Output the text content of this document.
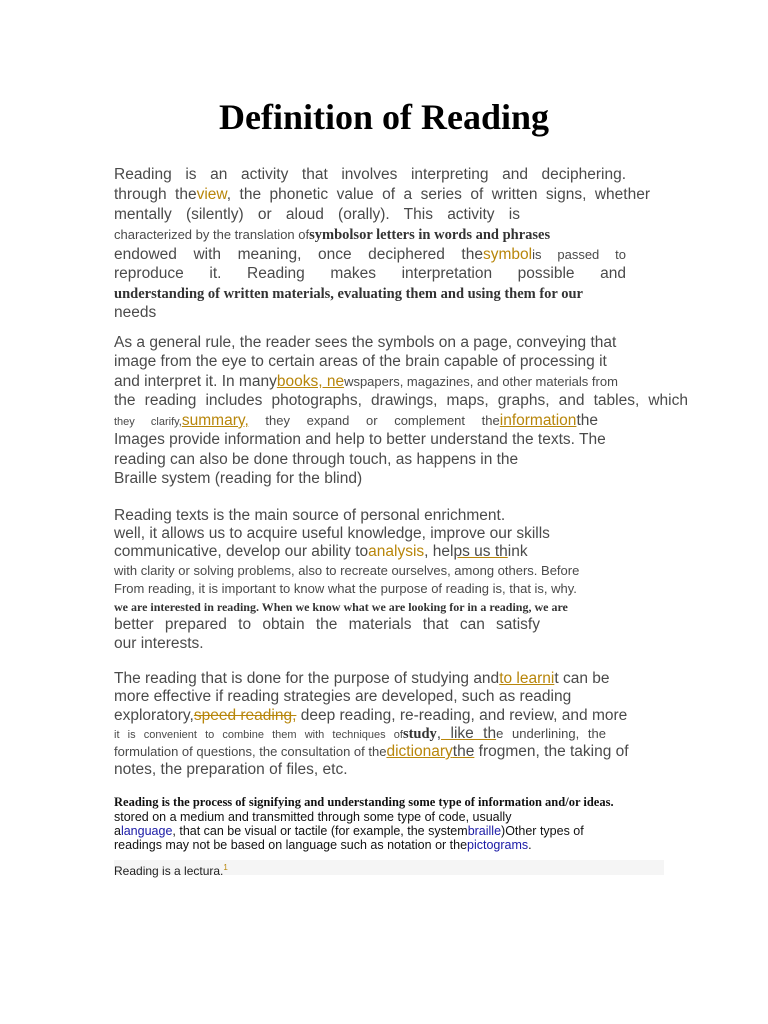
Definition of Reading
Reading is an activity that involves interpreting and deciphering.
through theview, the phonetic value of a series of written signs, whether
mentally (silently) or aloud (orally). This activity is
characterized by the translation ofsymbolsor letters in words and phrases
endowed with meaning, once deciphered thesymbolis passed to
reproduce it. Reading makes interpretation possible and
understanding of written materials, evaluating them and using them for our
needs
As a general rule, the reader sees the symbols on a page, conveying that
image from the eye to certain areas of the brain capable of processing it
and interpret it. In manybooks, newspapers, magazines, and other materials from
the reading includes photographs, drawings, maps, graphs, and tables, which
they clarify,summary, they expand or complement theinformationthe
Images provide information and help to better understand the texts. The
reading can also be done through touch, as happens in the
Braille system (reading for the blind)
Reading texts is the main source of personal enrichment.
well, it allows us to acquire useful knowledge, improve our skills
communicative, develop our ability toanalysis, helps us think
with clarity or solving problems, also to recreate ourselves, among others. Before
From reading, it is important to know what the purpose of reading is, that is, why.
we are interested in reading. When we know what we are looking for in a reading, we are
better prepared to obtain the materials that can satisfy
our interests.
The reading that is done for the purpose of studying andto learnit can be
more effective if reading strategies are developed, such as reading
exploratory,speed reading, deep reading, re-reading, and review, and more
it is convenient to combine them with techniques ofstudy, like the underlining, the
formulation of questions, the consultation of thedictionarythe frogmen, the taking of
notes, the preparation of files, etc.
Reading is the process of signifying and understanding some type of information and/or ideas.
stored on a medium and transmitted through some type of code, usually
alanguage, that can be visual or tactile (for example, the systembraille)Other types of
readings may not be based on language such as notation or thepictograms.
Reading is a lectura.$^1$
